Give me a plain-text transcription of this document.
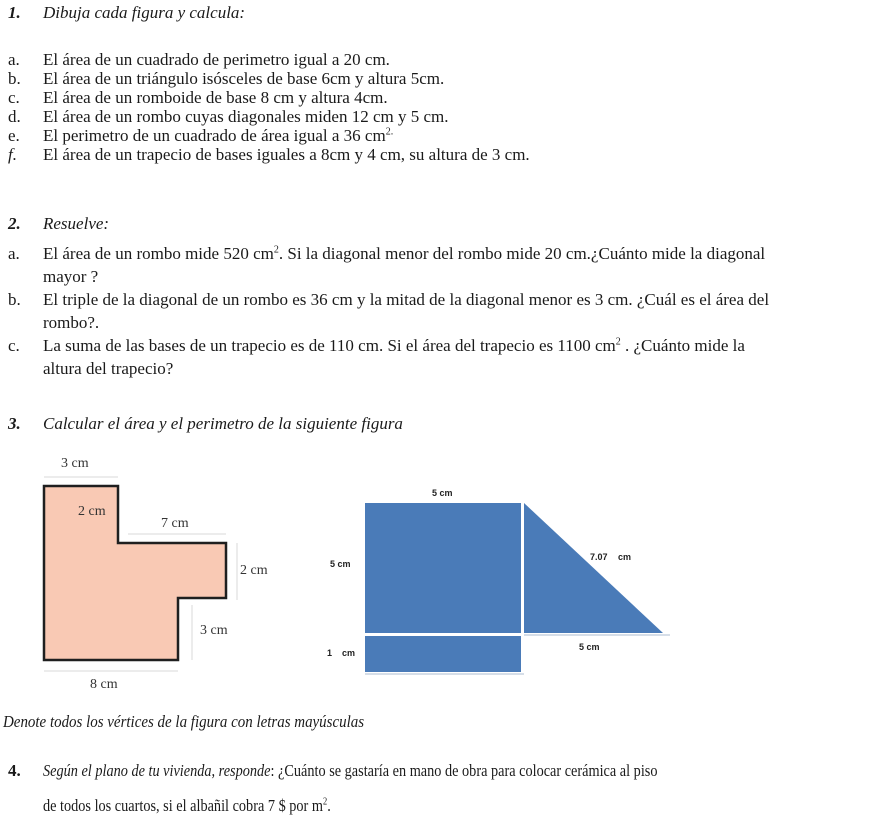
1. Dibuja cada figura y calcula:
a. El área de un cuadrado de perimetro igual a 20 cm.
b. El área de un triángulo isósceles de base 6cm y altura 5cm.
c. El área de un romboide de base 8 cm y altura 4cm.
d. El área de un rombo cuyas diagonales miden 12 cm y 5 cm.
e. El perimetro de un cuadrado de área igual a 36 $cm^{2.}$
f. El área de un trapecio de bases iguales a 8cm y 4 cm, su altura de 3 cm.
2. Resuelve:
a. El área de un rombo mide 520 $cm^2$. Si la diagonal menor del rombo mide 20 cm.¿Cuánto mide la diagonal
mayor ?
b. El triple de la diagonal de un rombo es 36 cm y la mitad de la diagonal menor es 3 cm. ¿Cuál es el área del
rombo?.
c. La suma de las bases de un trapecio es de 110 cm. Si el área del trapecio es 1100 $cm^2$ . ¿Cuánto mide la
altura del trapecio?
3. Calcular el área y el perimetro de la siguiente figura
3 cm
2 cm
7 cm
2 cm
3 cm
8 cm
5 cm
5 cm
7.07 cm
5 cm
1 cm
Denote todos los vértices de la figura con letras mayúsculas
4. Según el plano de tu vivienda, responde: ¿Cuánto se gastaría en mano de obra para colocar cerámica al piso
de todos los cuartos, si el albañil cobra 7 $ por $m^2$.
